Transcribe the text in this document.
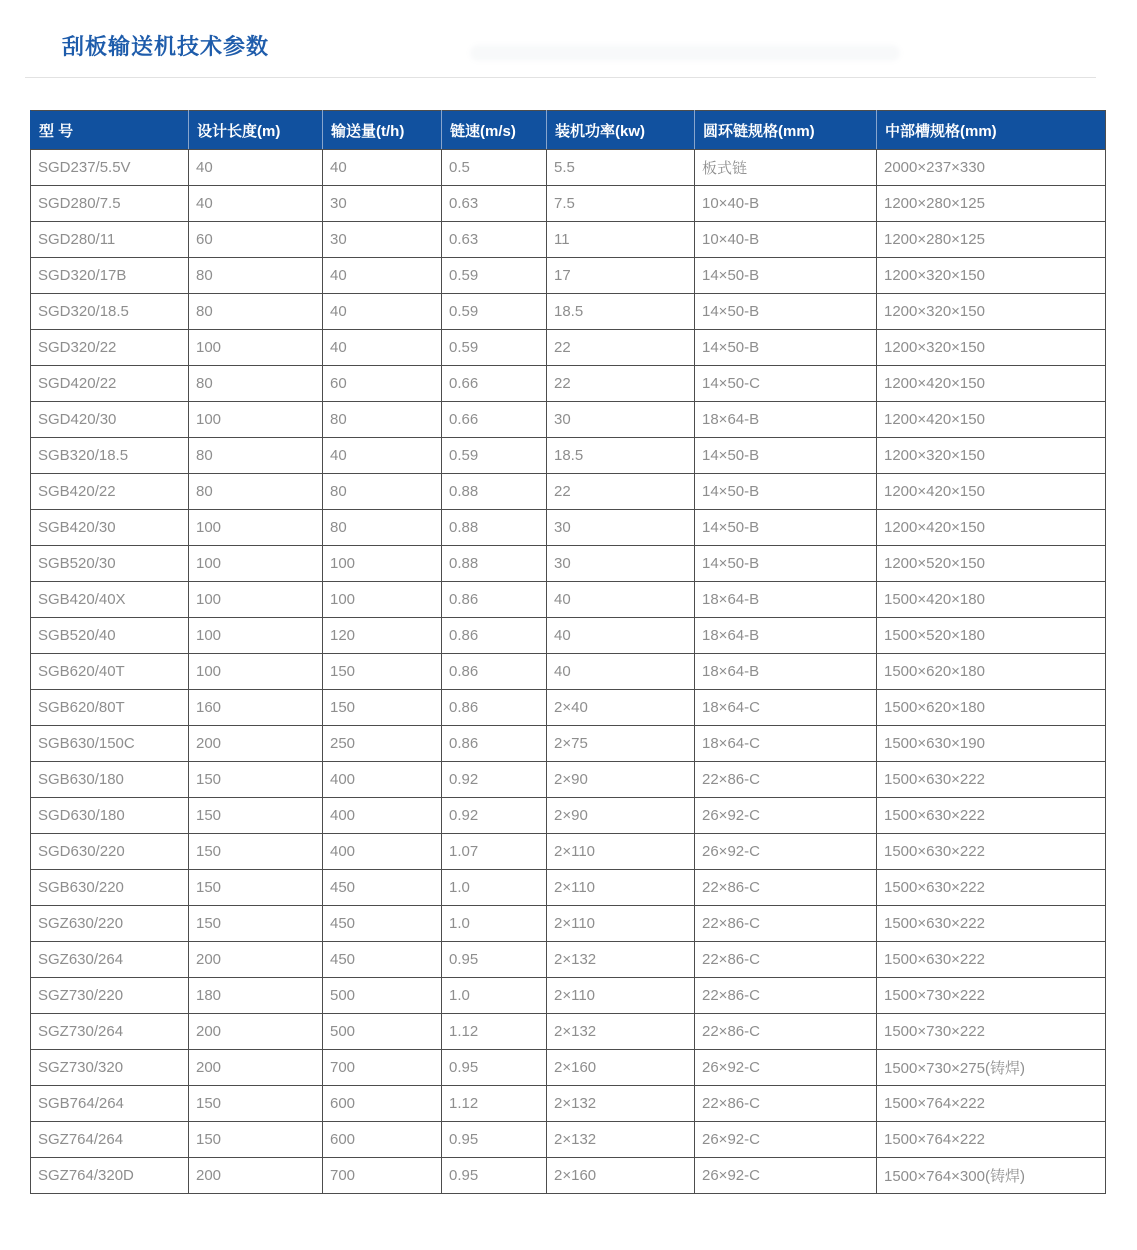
刮板输送机技术参数
型 号	设计长度(m)	输送量(t/h)	链速(m/s)	装机功率(kw)	圆环链规格(mm)	中部槽规格(mm)
SGD237/5.5V	40	40	0.5	5.5	板式链	2000×237×330
SGD280/7.5	40	30	0.63	7.5	10×40-B	1200×280×125
SGD280/11	60	30	0.63	11	10×40-B	1200×280×125
SGD320/17B	80	40	0.59	17	14×50-B	1200×320×150
SGD320/18.5	80	40	0.59	18.5	14×50-B	1200×320×150
SGD320/22	100	40	0.59	22	14×50-B	1200×320×150
SGD420/22	80	60	0.66	22	14×50-C	1200×420×150
SGD420/30	100	80	0.66	30	18×64-B	1200×420×150
SGB320/18.5	80	40	0.59	18.5	14×50-B	1200×320×150
SGB420/22	80	80	0.88	22	14×50-B	1200×420×150
SGB420/30	100	80	0.88	30	14×50-B	1200×420×150
SGB520/30	100	100	0.88	30	14×50-B	1200×520×150
SGB420/40X	100	100	0.86	40	18×64-B	1500×420×180
SGB520/40	100	120	0.86	40	18×64-B	1500×520×180
SGB620/40T	100	150	0.86	40	18×64-B	1500×620×180
SGB620/80T	160	150	0.86	2×40	18×64-C	1500×620×180
SGB630/150C	200	250	0.86	2×75	18×64-C	1500×630×190
SGB630/180	150	400	0.92	2×90	22×86-C	1500×630×222
SGD630/180	150	400	0.92	2×90	26×92-C	1500×630×222
SGD630/220	150	400	1.07	2×110	26×92-C	1500×630×222
SGB630/220	150	450	1.0	2×110	22×86-C	1500×630×222
SGZ630/220	150	450	1.0	2×110	22×86-C	1500×630×222
SGZ630/264	200	450	0.95	2×132	22×86-C	1500×630×222
SGZ730/220	180	500	1.0	2×110	22×86-C	1500×730×222
SGZ730/264	200	500	1.12	2×132	22×86-C	1500×730×222
SGZ730/320	200	700	0.95	2×160	26×92-C	1500×730×275(铸焊)
SGB764/264	150	600	1.12	2×132	22×86-C	1500×764×222
SGZ764/264	150	600	0.95	2×132	26×92-C	1500×764×222
SGZ764/320D	200	700	0.95	2×160	26×92-C	1500×764×300(铸焊)
